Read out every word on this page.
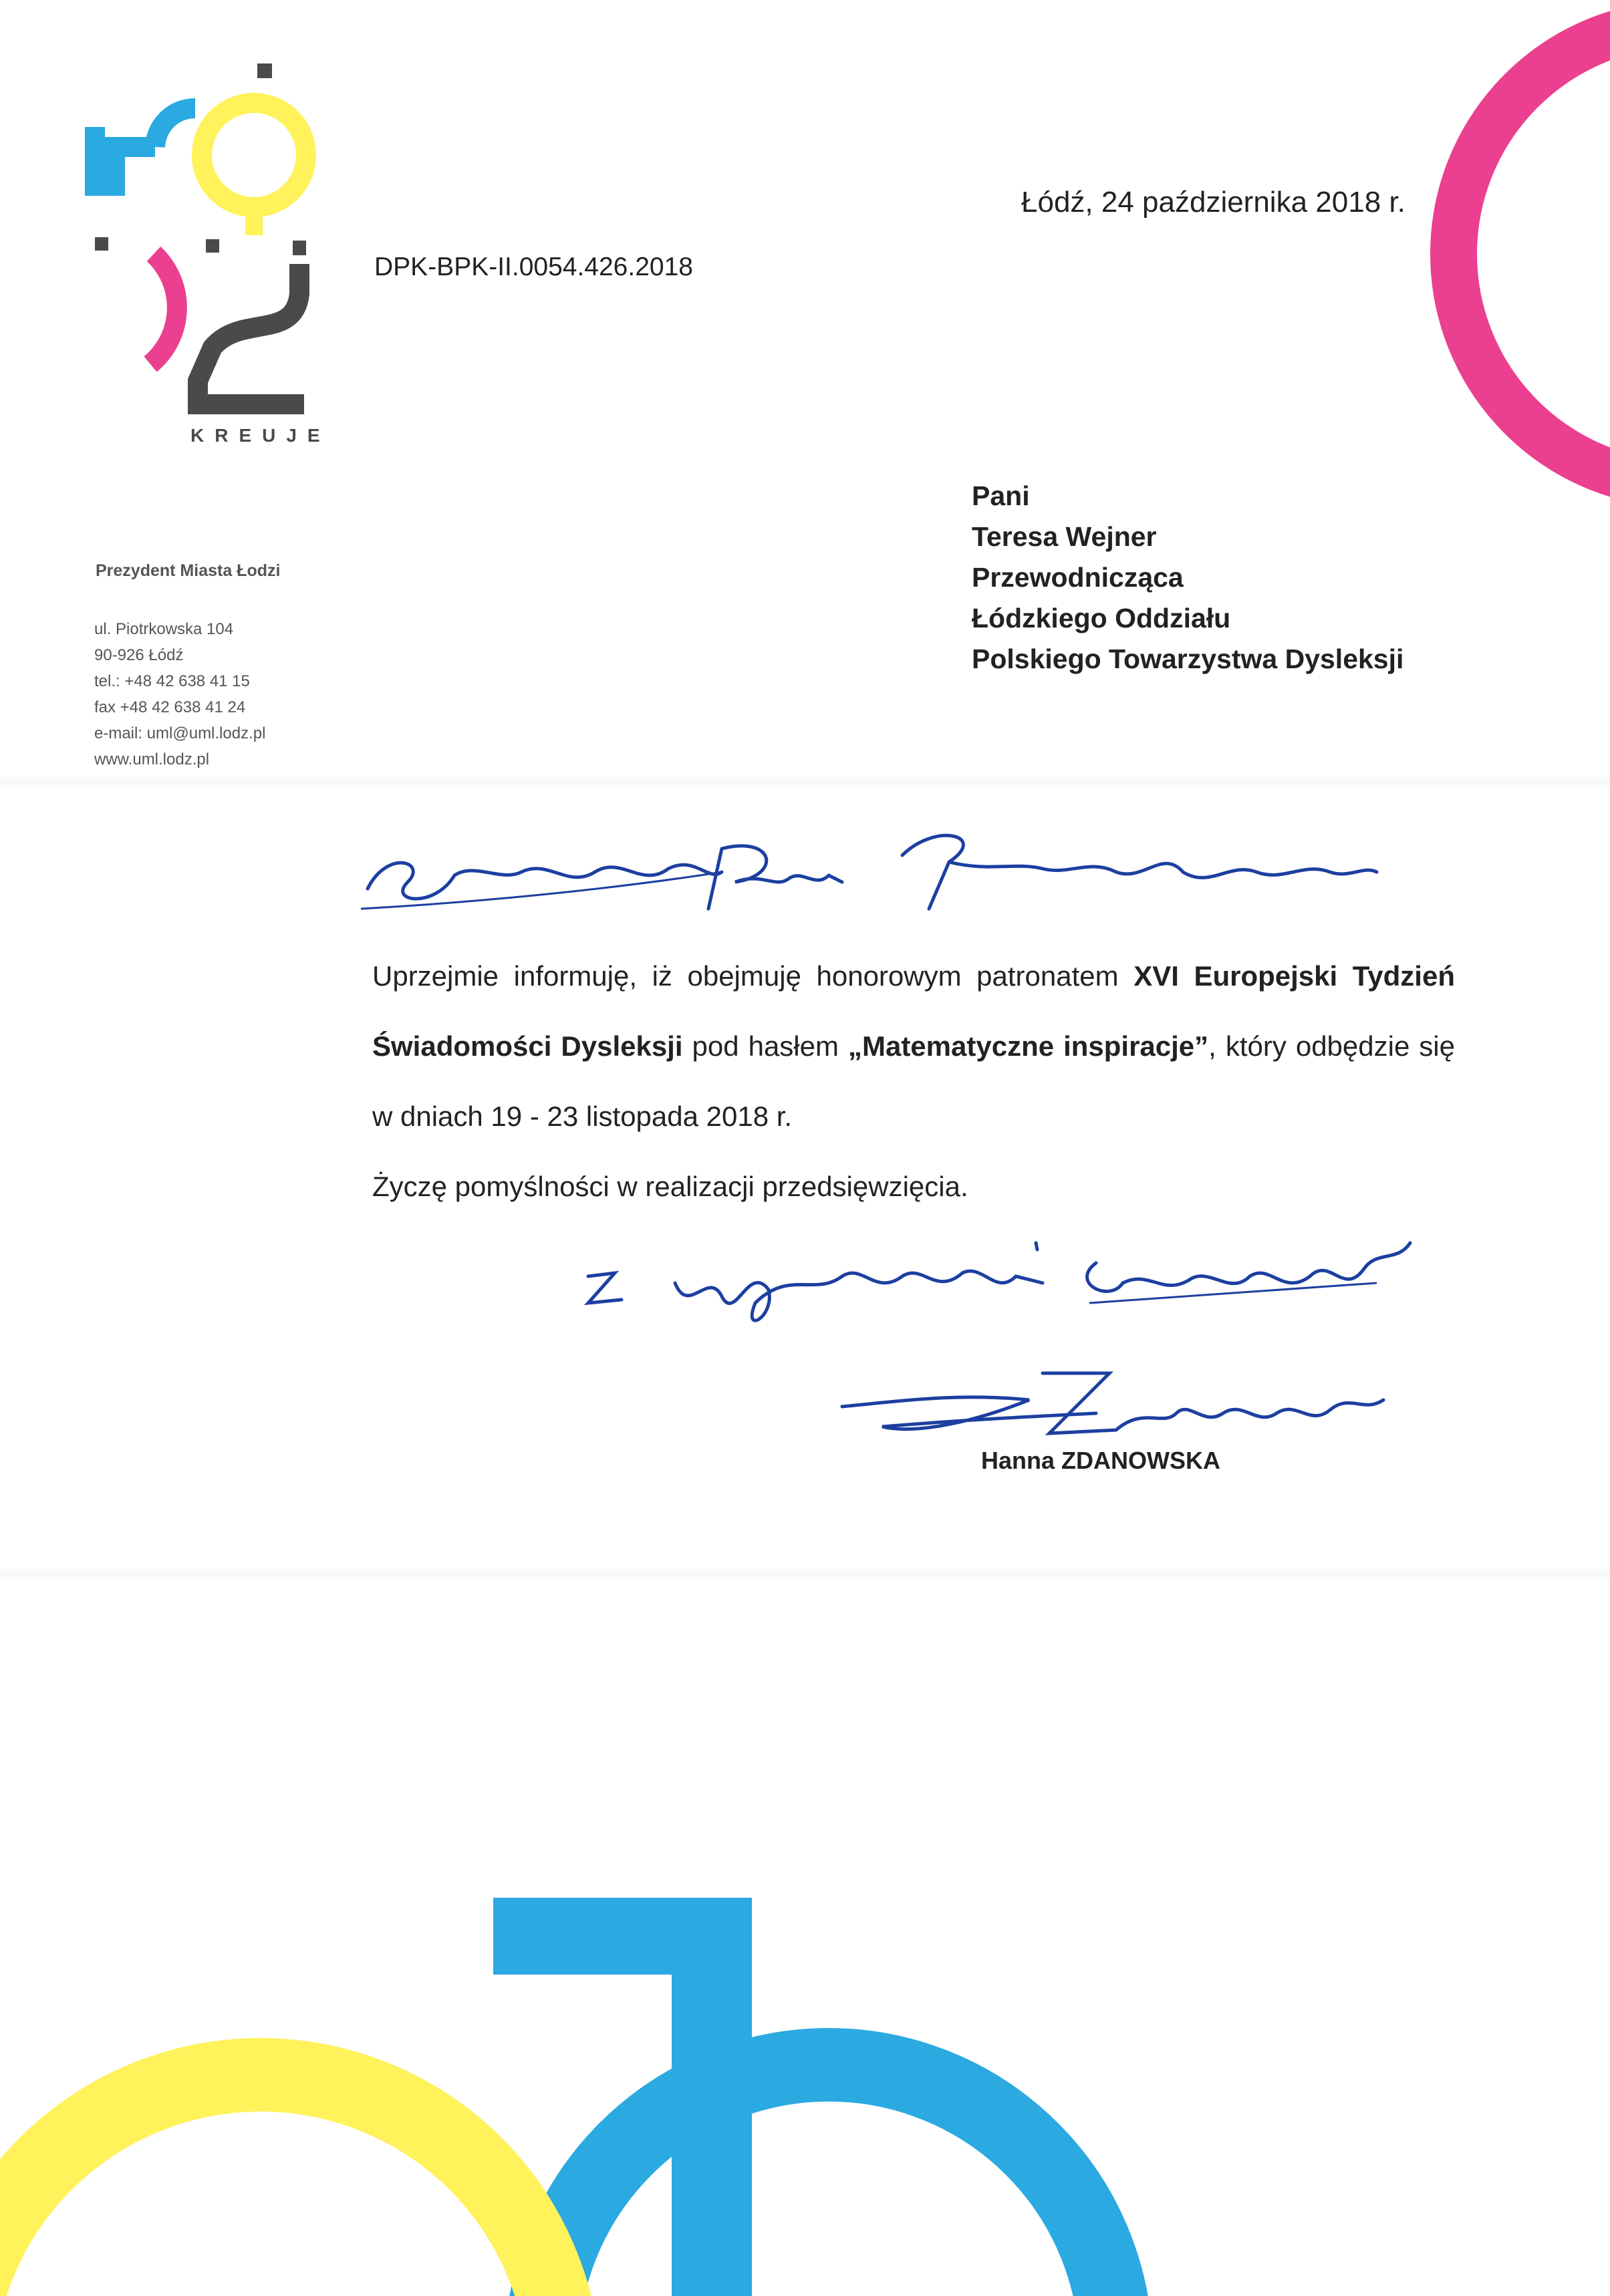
KREUJE
DPK-BPK-II.0054.426.2018
Łódź, 24 października 2018 r.
Pani
Teresa Wejner
Przewodnicząca
Łódzkiego Oddziału
Polskiego Towarzystwa Dysleksji
Prezydent Miasta Łodzi
ul. Piotrkowska 104
90-926 Łódź
tel.: +48 42 638 41 15
fax +48 42 638 41 24
e-mail: uml@uml.lodz.pl
www.uml.lodz.pl

Uprzejmie informuję, iż obejmuję honorowym patronatem XVI Europejski Tydzień Świadomości Dysleksji pod hasłem „Matematyczne inspiracje”, który odbędzie się w dniach 19 - 23 listopada 2018 r.

Życzę pomyślności w realizacji przedsięwzięcia.

Hanna ZDANOWSKA
